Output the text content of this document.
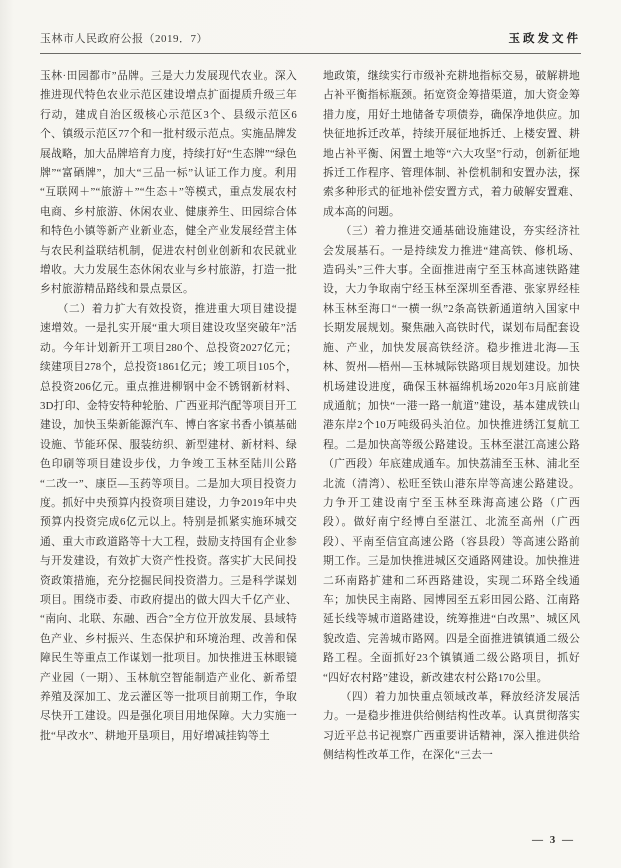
玉林市人民政府公报（2019．7）	玉政发文件

玉林·田园都市”品牌。三是大力发展现代农业。深入推进现代特色农业示范区建设增点扩面提质升级三年行动，建成自治区级核心示范区3个、县级示范区6个、镇级示范区77个和一批村级示范点。实施品牌发展战略，加大品牌培育力度，持续打好“生态牌”“绿色牌”“富硒牌”，加大“三品一标”认证工作力度。利用“互联网＋”“旅游＋”“生态＋”等模式，重点发展农村电商、乡村旅游、休闲农业、健康养生、田园综合体和特色小镇等新产业新业态，健全产业发展经营主体与农民利益联结机制，促进农村创业创新和农民就业增收。大力发展生态休闲农业与乡村旅游，打造一批乡村旅游精品路线和景点景区。

　　（二）着力扩大有效投资，推进重大项目建设提速增效。一是扎实开展“重大项目建设攻坚突破年”活动。今年计划新开工项目280个、总投资2027亿元；续建项目278个，总投资1861亿元；竣工项目105个，总投资206亿元。重点推进柳钢中金不锈钢新材料、3D打印、金特安特种轮胎、广西亚邦汽配等项目开工建设，加快玉柴新能源汽车、博白客家书香小镇基础设施、节能环保、服装纺织、新型建材、新材料、绿色印刷等项目建设步伐，力争竣工玉林至陆川公路“二改一”、康臣—玉药等项目。二是加大项目投资力度。抓好中央预算内投资项目建设，力争2019年中央预算内投资完成6亿元以上。特别是抓紧实施环城交通、重大市政道路等十大工程，鼓励支持国有企业参与开发建设，有效扩大资产性投资。落实扩大民间投资政策措施，充分挖掘民间投资潜力。三是科学谋划项目。围绕市委、市政府提出的做大四大千亿产业、“南向、北联、东融、西合”全方位开放发展、县域特色产业、乡村振兴、生态保护和环境治理、改善和保障民生等重点工作谋划一批项目。加快推进玉林眼镜产业园（一期）、玉林航空智能制造产业化、新希望养殖及深加工、龙云灌区等一批项目前期工作，争取尽快开工建设。四是强化项目用地保障。大力实施一批“早改水”、耕地开垦项目，用好增减挂钩等土

地政策，继续实行市级补充耕地指标交易，破解耕地占补平衡指标瓶颈。拓宽资金筹措渠道，加大资金筹措力度，用好土地储备专项债券，确保净地供应。加快征地拆迁改革，持续开展征地拆迁、上楼安置、耕地占补平衡、闲置土地等“六大攻坚”行动，创新征地拆迁工作程序、管理体制、补偿机制和安置办法，探索多种形式的征地补偿安置方式，着力破解安置难、成本高的问题。

　　（三）着力推进交通基础设施建设，夯实经济社会发展基石。一是持续发力推进“建高铁、修机场、造码头”三件大事。全面推进南宁至玉林高速铁路建设，大力争取南宁经玉林至深圳至香港、张家界经桂林玉林至海口“一横一纵”2条高铁新通道纳入国家中长期发展规划。聚焦融入高铁时代，谋划布局配套设施、产业，加快发展高铁经济。稳步推进北海—玉林、贺州—梧州—玉林城际铁路项目规划建设。加快机场建设进度，确保玉林福绵机场2020年3月底前建成通航；加快“一港一路一航道”建设，基本建成铁山港东岸2个10万吨级码头泊位。加快推进绣江复航工程。二是加快高等级公路建设。玉林至湛江高速公路（广西段）年底建成通车。加快荔浦至玉林、浦北至北流（清湾）、松旺至铁山港东岸等高速公路建设。力争开工建设南宁至玉林至珠海高速公路（广西段）。做好南宁经博白至湛江、北流至高州（广西段）、平南至信宜高速公路（容县段）等高速公路前期工作。三是加快推进城区交通路网建设。加快推进二环南路扩建和二环西路建设，实现二环路全线通车；加快民主南路、园博园至五彩田园公路、江南路延长线等城市道路建设，统筹推进“白改黑”、城区风貌改造、完善城市路网。四是全面推进镇镇通二级公路工程。全面抓好23个镇镇通二级公路项目，抓好“四好农村路”建设，新改建农村公路170公里。

　　（四）着力加快重点领域改革，释放经济发展活力。一是稳步推进供给侧结构性改革。认真贯彻落实习近平总书记视察广西重要讲话精神，深入推进供给侧结构性改革工作，在深化“三去一

— 3 —
